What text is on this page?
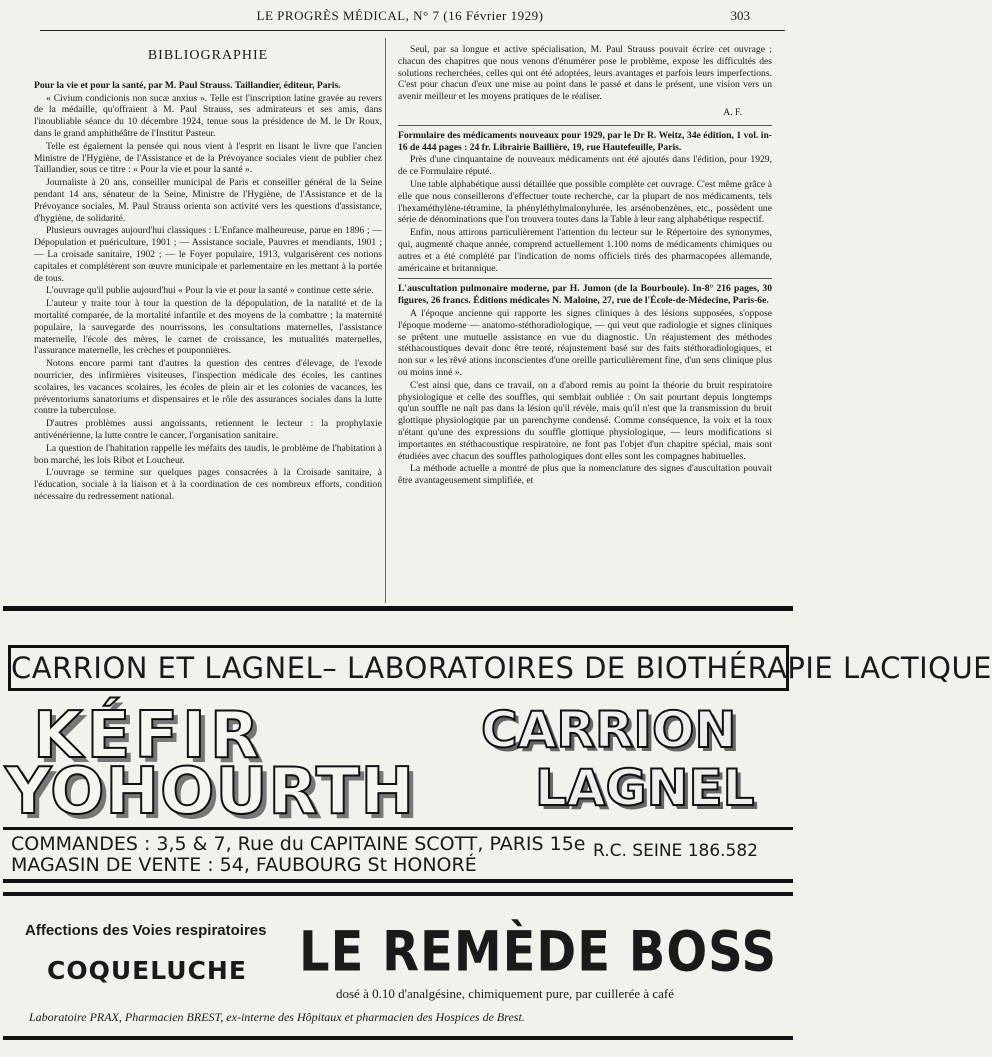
LE PROGRÈS MÉDICAL, N° 7 (16 Février 1929)	303
BIBLIOGRAPHIE

Pour la vie et pour la santé, par M. Paul Strauss. Taillandier, éditeur, Paris.

« Civium condicionis non sucæ anxius ». Telle est l'inscription latine gravée au revers de la médaille, qu'offraient à M. Paul Strauss, ses admirateurs et ses amis, dans l'inoubliable séance du 10 décembre 1924, tenue sous la présidence de M. le Dr Roux, dans le grand amphithéâtre de l'Institut Pasteur.

Telle est également la pensée qui nous vient à l'esprit en lisant le livre que l'ancien Ministre de l'Hygiène, de l'Assistance et de la Prévoyance sociales vient de publier chez Taillandier, sous ce titre : « Pour la vie et pour la santé ».

Journaliste à 20 ans, conseiller municipal de Paris et conseiller général de la Seine pendant 14 ans, sénateur de la Seine, Ministre de l'Hygiène, de l'Assistance et de la Prévoyance sociales, M. Paul Strauss orienta son activité vers les questions d'assistance, d'hygiène, de solidarité.

Plusieurs ouvrages aujourd'hui classiques : L'Enfance malheureuse, parue en 1896 ; — Dépopulation et puériculture, 1901 ; — Assistance sociale, Pauvres et mendiants, 1901 ; — La croisade sanitaire, 1902 ; — le Foyer populaire, 1913, vulgarisèrent ces notions capitales et complétèrent son œuvre municipale et parlementaire en les mettant à la portée de tous.

L'ouvrage qu'il publie aujourd'hui « Pour la vie et pour la santé » continue cette série.

L'auteur y traite tour à tour la question de la dépopulation, de la natalité et de la mortalité comparée, de la mortalité infantile et des moyens de la combattre ; la maternité populaire, la sauvegarde des nourrissons, les consultations maternelles, l'assistance maternelle, l'école des mères, le carnet de croissance, les mutualités maternelles, l'assurance maternelle, les crèches et pouponnières.

Notons encore parmi tant d'autres la question des centres d'élevage, de l'exode nourricier, des infirmières visiteuses, l'inspection médicale des écoles, les cantines scolaires, les vacances scolaires, les écoles de plein air et les colonies de vacances, les préventoriums sanatoriums et dispensaires et le rôle des assurances sociales dans la lutte contre la tuberculose.

D'autres problèmes aussi angoissants, retiennent le lecteur : la prophylaxie antivénérienne, la lutte contre le cancer, l'organisation sanitaire.

La question de l'habitation rappelle les méfaits des taudis, le problème de l'habitation à bon marché, les lois Ribot et Loucheur.

L'ouvrage se termine sur quelques pages consacrées à la Croisade sanitaire, à l'éducation, sociale à la liaison et à la coordination de ces nombreux efforts, condition nécessaire du redressement national.

Seul, par sa longue et active spécialisation, M. Paul Strauss pouvait écrire cet ouvrage ; chacun des chapitres que nous venons d'énumérer pose le problème, expose les difficultés des solutions recherchées, celles qui ont été adoptées, leurs avantages et parfois leurs imperfections. C'est pour chacun d'eux une mise au point dans le passé et dans le présent, une vision vers un avenir meilleur et les moyens pratiques de le réaliser.

A. F.

Formulaire des médicaments nouveaux pour 1929, par le Dr R. Weitz, 34e édition, 1 vol. in-16 de 444 pages : 24 fr. Librairie Baillière, 19, rue Hautefeuille, Paris.

Près d'une cinquantaine de nouveaux médicaments ont été ajoutés dans l'édition, pour 1929, de ce Formulaire réputé.

Une table alphabétique aussi détaillée que possible complète cet ouvrage. C'est même grâce à elle que nous conseillerons d'effectuer toute recherche, car la plupart de nos médicaments, tels l'hexaméthylène-tétramine, la phényléthylmalonylurée, les arsénobenzènes, etc., possèdent une série de dénominations que l'on trouvera toutes dans la Table à leur rang alphabétique respectif.

Enfin, nous attirons particulièrement l'attention du lecteur sur le Répertoire des synonymes, qui, augmenté chaque année, comprend actuellement 1.100 noms de médicaments chimiques ou autres et a été complété par l'indication de noms officiels tirés des pharmacopées allemande, américaine et britannique.

L'auscultation pulmonaire moderne, par H. Jumon (de la Bourboule). In-8° 216 pages, 30 figures, 26 francs. Éditions médicales N. Maloine, 27, rue de l'École-de-Médecine, Paris-6e.

A l'époque ancienne qui rapporte les signes cliniques à des lésions supposées, s'oppose l'époque moderne — anatomo-stéthoradiologique, — qui veut que radiologie et signes cliniques se prêtent une mutuelle assistance en vue du diagnostic. Un réajustement des méthodes stéthacoustiques devait donc être tenté, réajustement basé sur des faits stéthoradiologiques, et non sur « les rêvé ations inconscientes d'une oreille particulièrement fine, d'un sens clinique plus ou moins inné ».

C'est ainsi que, dans ce travail, on a d'abord remis au point la théorie du bruit respiratoire physiologique et celle des souffles, qui semblait oubliée : On sait pourtant depuis longtemps qu'un souffle ne naît pas dans la lésion qu'il révèle, mais qu'il n'est que la transmission du bruit glottique physiologique par un parenchyme condensé. Comme conséquence, la voix et la toux n'étant qu'une des expressions du souffle glottique physiologique, — leurs modifications si importantes en stéthacoustique respiratoire, ne font pas l'objet d'un chapitre spécial, mais sont étudiées avec chacun des souffles pathologiques dont elles sont les compagnes habituelles.

La méthode actuelle a montré de plus que la nomenclature des signes d'auscultation pouvait être avantageusement simplifiée, et

CARRION ET LAGNEL– LABORATOIRES DE BIOTHÉRAPIE LACTIQUE
KÉFIR
YOHOURTH
CARRION
LAGNEL
COMMANDES : 3,5 & 7, Rue du CAPITAINE SCOTT, PARIS 15e
MAGASIN DE VENTE : 54, FAUBOURG St HONORÉ
R.C. SEINE 186.582
Affections des Voies respiratoires
COQUELUCHE LE REMÈDE BOSS
dosé à 0.10 d'analgésine, chimiquement pure, par cuillerée à café
Laboratoire PRAX, Pharmacien BREST, ex-interne des Hôpitaux et pharmacien des Hospices de Brest.
